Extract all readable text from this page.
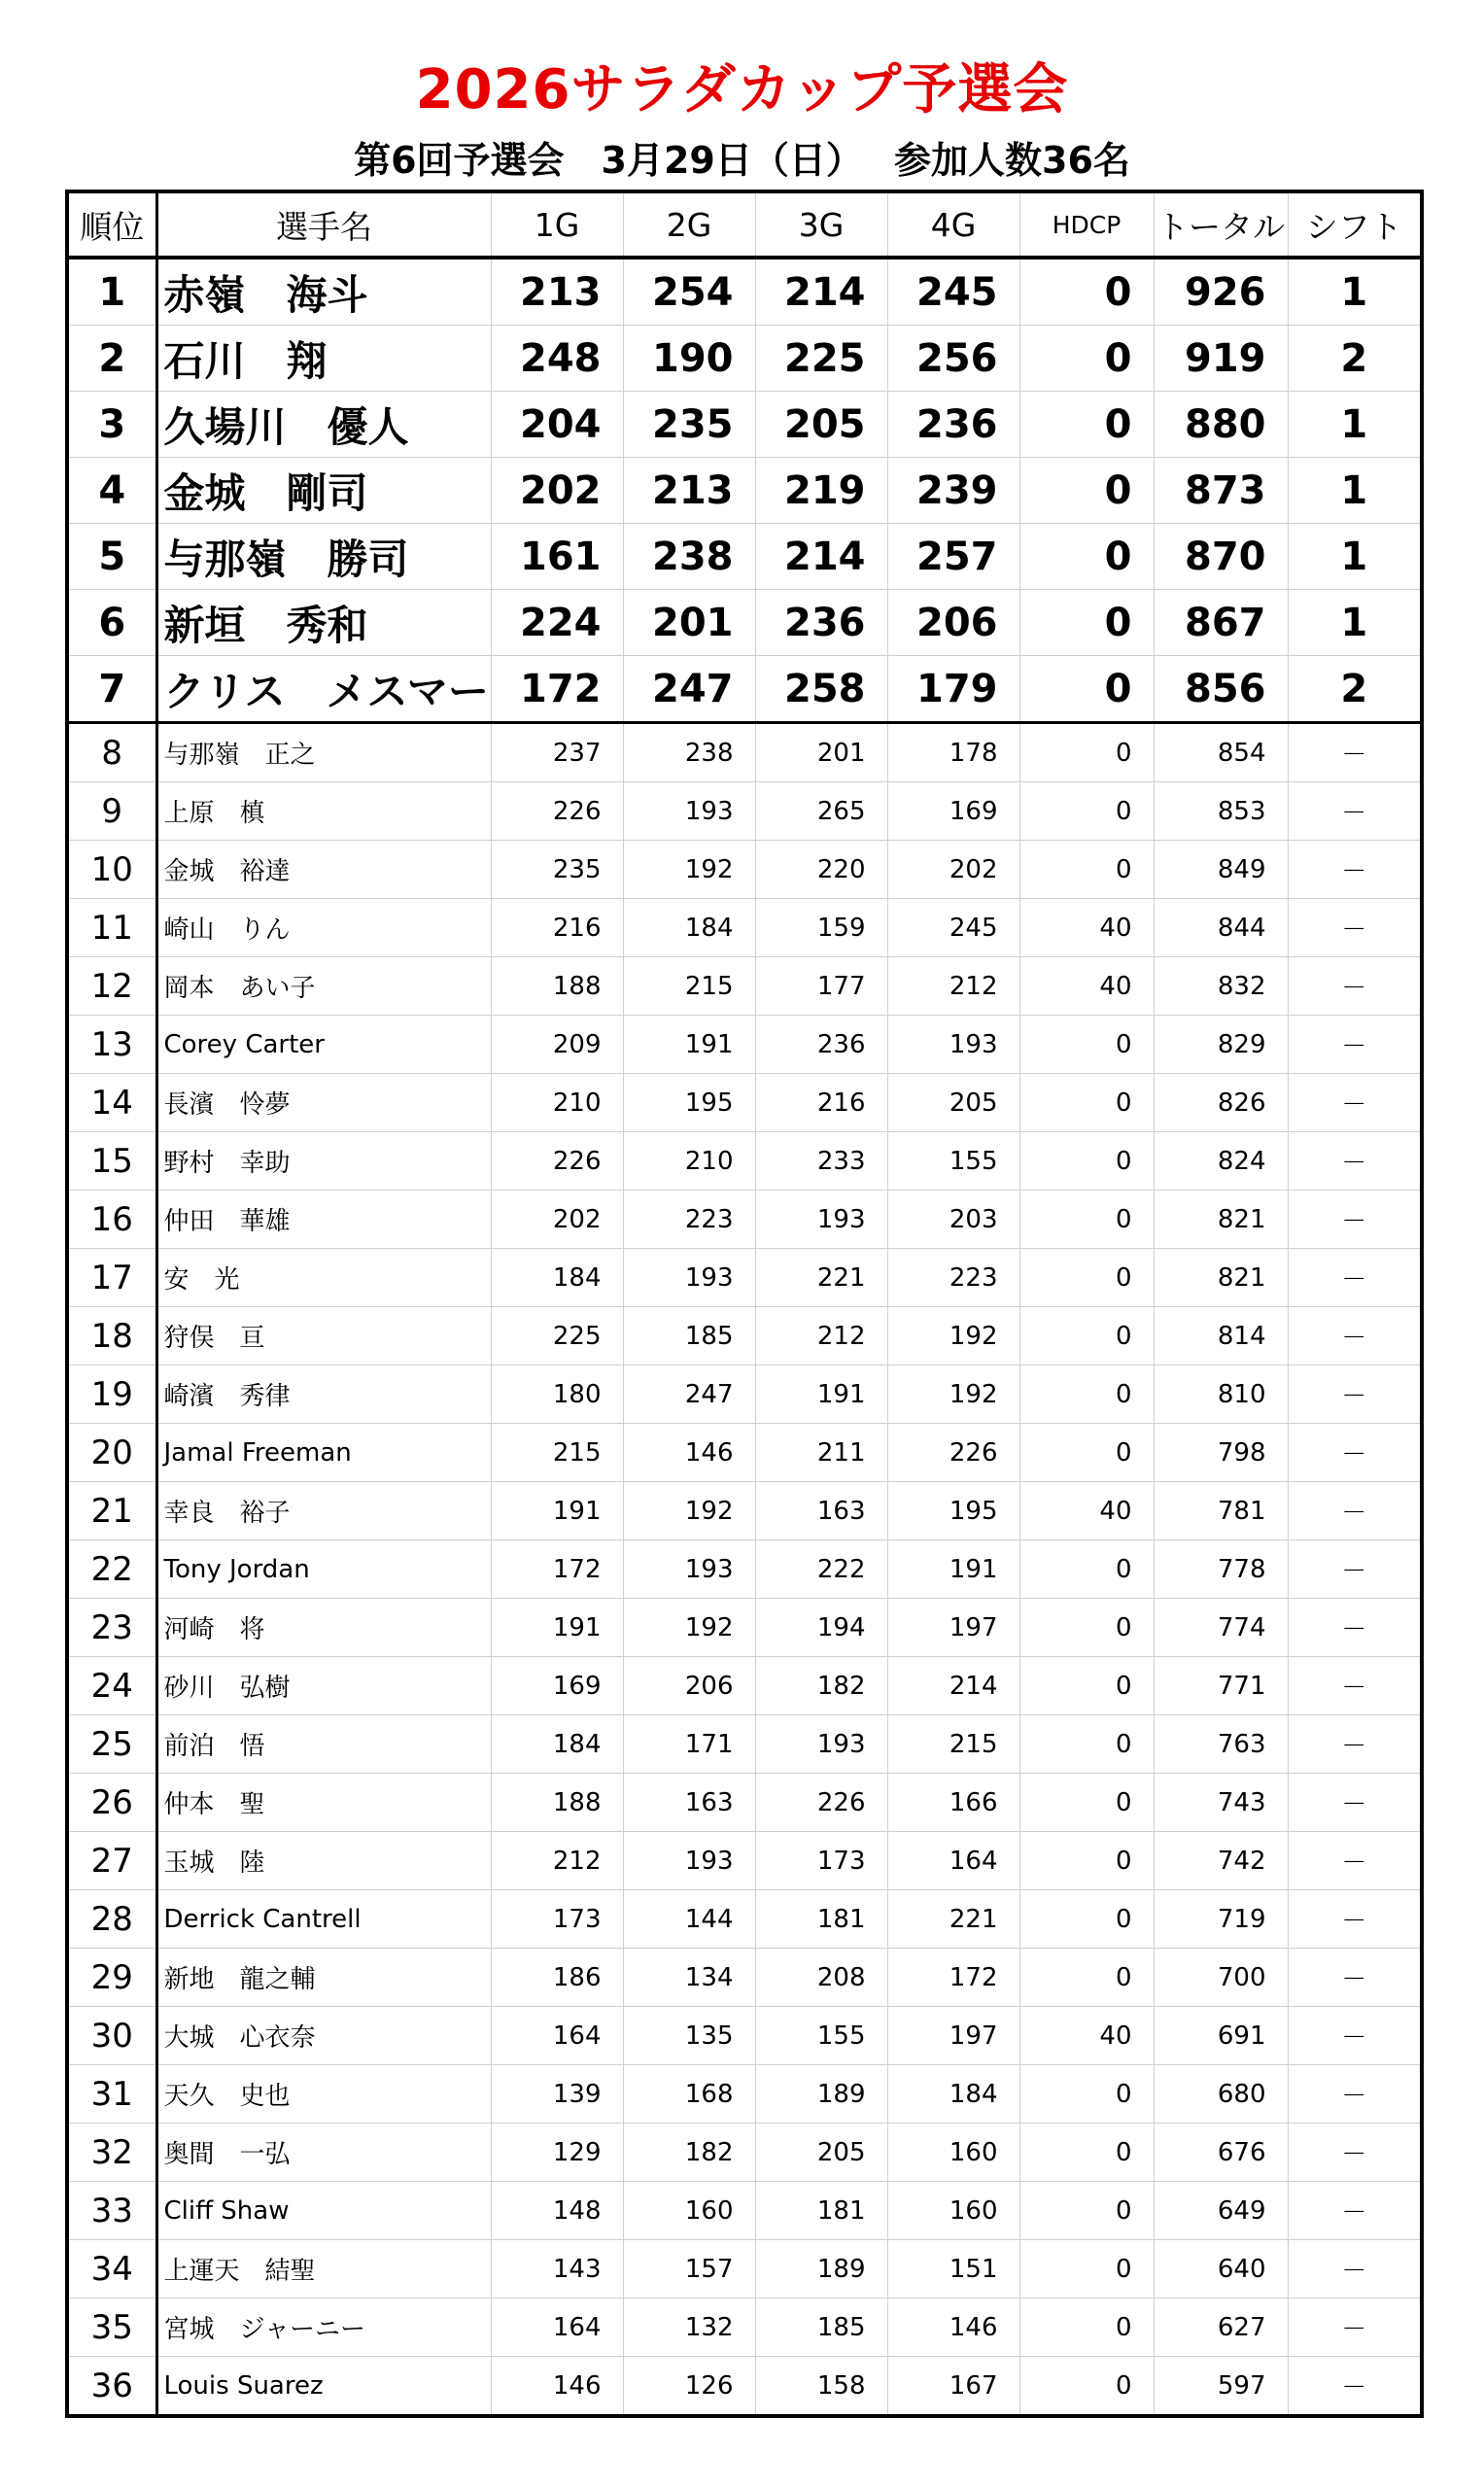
2026サラダカップ予選会
第6回予選会　3月29日（日）　 参加人数36名
順位	選手名	1G	2G	3G	4G	HDCP	トータル	シフト
1	赤嶺　海斗	213	254	214	245	0	926	1
2	石川　翔	248	190	225	256	0	919	2
3	久場川　優人	204	235	205	236	0	880	1
4	金城　剛司	202	213	219	239	0	873	1
5	与那嶺　勝司	161	238	214	257	0	870	1
6	新垣　秀和	224	201	236	206	0	867	1
7	クリス　メスマー	172	247	258	179	0	856	2
8	与那嶺　正之	237	238	201	178	0	854	－
9	上原　槙	226	193	265	169	0	853	－
10	金城　裕達	235	192	220	202	0	849	－
11	崎山　りん	216	184	159	245	40	844	－
12	岡本　あい子	188	215	177	212	40	832	－
13	Corey Carter	209	191	236	193	0	829	－
14	長濱　怜夢	210	195	216	205	0	826	－
15	野村　幸助	226	210	233	155	0	824	－
16	仲田　華雄	202	223	193	203	0	821	－
17	安　光	184	193	221	223	0	821	－
18	狩俣　亘	225	185	212	192	0	814	－
19	崎濱　秀律	180	247	191	192	0	810	－
20	Jamal Freeman	215	146	211	226	0	798	－
21	幸良　裕子	191	192	163	195	40	781	－
22	Tony Jordan	172	193	222	191	0	778	－
23	河崎　将	191	192	194	197	0	774	－
24	砂川　弘樹	169	206	182	214	0	771	－
25	前泊　悟	184	171	193	215	0	763	－
26	仲本　聖	188	163	226	166	0	743	－
27	玉城　陸	212	193	173	164	0	742	－
28	Derrick Cantrell	173	144	181	221	0	719	－
29	新地　龍之輔	186	134	208	172	0	700	－
30	大城　心衣奈	164	135	155	197	40	691	－
31	天久　史也	139	168	189	184	0	680	－
32	奥間　一弘	129	182	205	160	0	676	－
33	Cliff Shaw	148	160	181	160	0	649	－
34	上運天　結聖	143	157	189	151	0	640	－
35	宮城　ジャーニー	164	132	185	146	0	627	－
36	Louis Suarez	146	126	158	167	0	597	－
